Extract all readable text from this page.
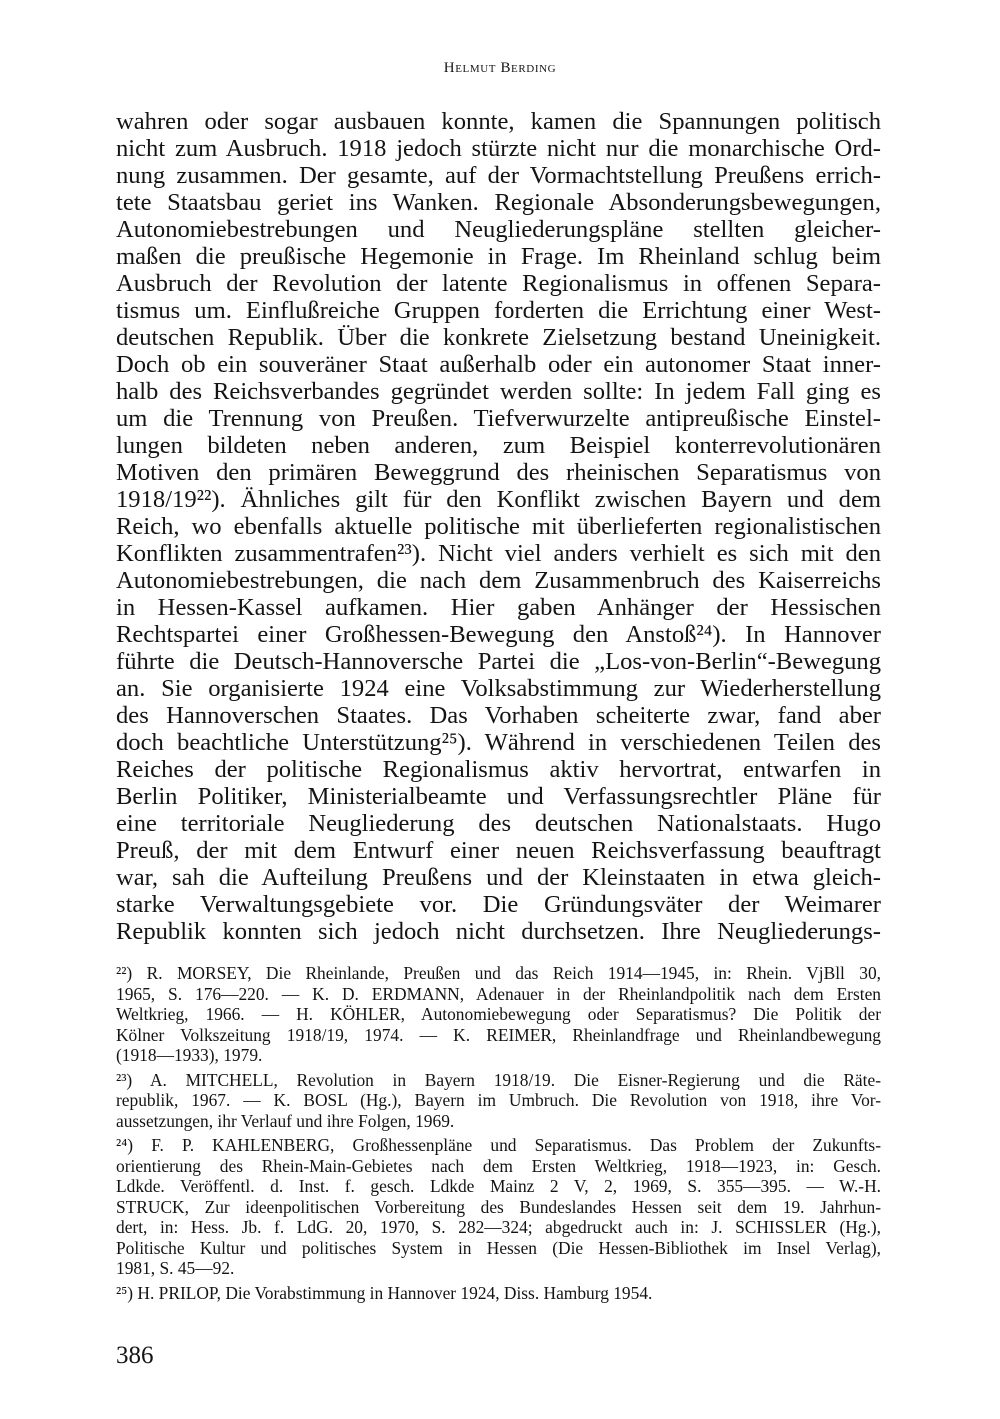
Helmut Berding
wahren oder sogar ausbauen konnte, kamen die Spannungen politisch
nicht zum Ausbruch. 1918 jedoch stürzte nicht nur die monarchische Ord-
nung zusammen. Der gesamte, auf der Vormachtstellung Preußens errich-
tete Staatsbau geriet ins Wanken. Regionale Absonderungsbewegungen,
Autonomiebestrebungen und Neugliederungspläne stellten gleicher-
maßen die preußische Hegemonie in Frage. Im Rheinland schlug beim
Ausbruch der Revolution der latente Regionalismus in offenen Separa-
tismus um. Einflußreiche Gruppen forderten die Errichtung einer West-
deutschen Republik. Über die konkrete Zielsetzung bestand Uneinigkeit.
Doch ob ein souveräner Staat außerhalb oder ein autonomer Staat inner-
halb des Reichsverbandes gegründet werden sollte: In jedem Fall ging es
um die Trennung von Preußen. Tiefverwurzelte antipreußische Einstel-
lungen bildeten neben anderen, zum Beispiel konterrevolutionären
Motiven den primären Beweggrund des rheinischen Separatismus von
1918/19²²). Ähnliches gilt für den Konflikt zwischen Bayern und dem
Reich, wo ebenfalls aktuelle politische mit überlieferten regionalistischen
Konflikten zusammentrafen²³). Nicht viel anders verhielt es sich mit den
Autonomiebestrebungen, die nach dem Zusammenbruch des Kaiserreichs
in Hessen-Kassel aufkamen. Hier gaben Anhänger der Hessischen
Rechtspartei einer Großhessen-Bewegung den Anstoß²⁴). In Hannover
führte die Deutsch-Hannoversche Partei die „Los-von-Berlin“-Bewegung
an. Sie organisierte 1924 eine Volksabstimmung zur Wiederherstellung
des Hannoverschen Staates. Das Vorhaben scheiterte zwar, fand aber
doch beachtliche Unterstützung²⁵). Während in verschiedenen Teilen des
Reiches der politische Regionalismus aktiv hervortrat, entwarfen in
Berlin Politiker, Ministerialbeamte und Verfassungsrechtler Pläne für
eine territoriale Neugliederung des deutschen Nationalstaats. Hugo
Preuß, der mit dem Entwurf einer neuen Reichsverfassung beauftragt
war, sah die Aufteilung Preußens und der Kleinstaaten in etwa gleich-
starke Verwaltungsgebiete vor. Die Gründungsväter der Weimarer
Republik konnten sich jedoch nicht durchsetzen. Ihre Neugliederungs-
²²) R. MORSEY, Die Rheinlande, Preußen und das Reich 1914—1945, in: Rhein. VjBll 30,
1965, S. 176—220. — K. D. ERDMANN, Adenauer in der Rheinlandpolitik nach dem Ersten
Weltkrieg, 1966. — H. KÖHLER, Autonomiebewegung oder Separatismus? Die Politik der
Kölner Volkszeitung 1918/19, 1974. — K. REIMER, Rheinlandfrage und Rheinlandbewegung
(1918—1933), 1979.
²³) A. MITCHELL, Revolution in Bayern 1918/19. Die Eisner-Regierung und die Räte-
republik, 1967. — K. BOSL (Hg.), Bayern im Umbruch. Die Revolution von 1918, ihre Vor-
aussetzungen, ihr Verlauf und ihre Folgen, 1969.
²⁴) F. P. KAHLENBERG, Großhessenpläne und Separatismus. Das Problem der Zukunfts-
orientierung des Rhein-Main-Gebietes nach dem Ersten Weltkrieg, 1918—1923, in: Gesch.
Ldkde. Veröffentl. d. Inst. f. gesch. Ldkde Mainz 2 V, 2, 1969, S. 355—395. — W.-H.
STRUCK, Zur ideenpolitischen Vorbereitung des Bundeslandes Hessen seit dem 19. Jahrhun-
dert, in: Hess. Jb. f. LdG. 20, 1970, S. 282—324; abgedruckt auch in: J. SCHISSLER (Hg.),
Politische Kultur und politisches System in Hessen (Die Hessen-Bibliothek im Insel Verlag),
1981, S. 45—92.
²⁵) H. PRILOP, Die Vorabstimmung in Hannover 1924, Diss. Hamburg 1954.
386
